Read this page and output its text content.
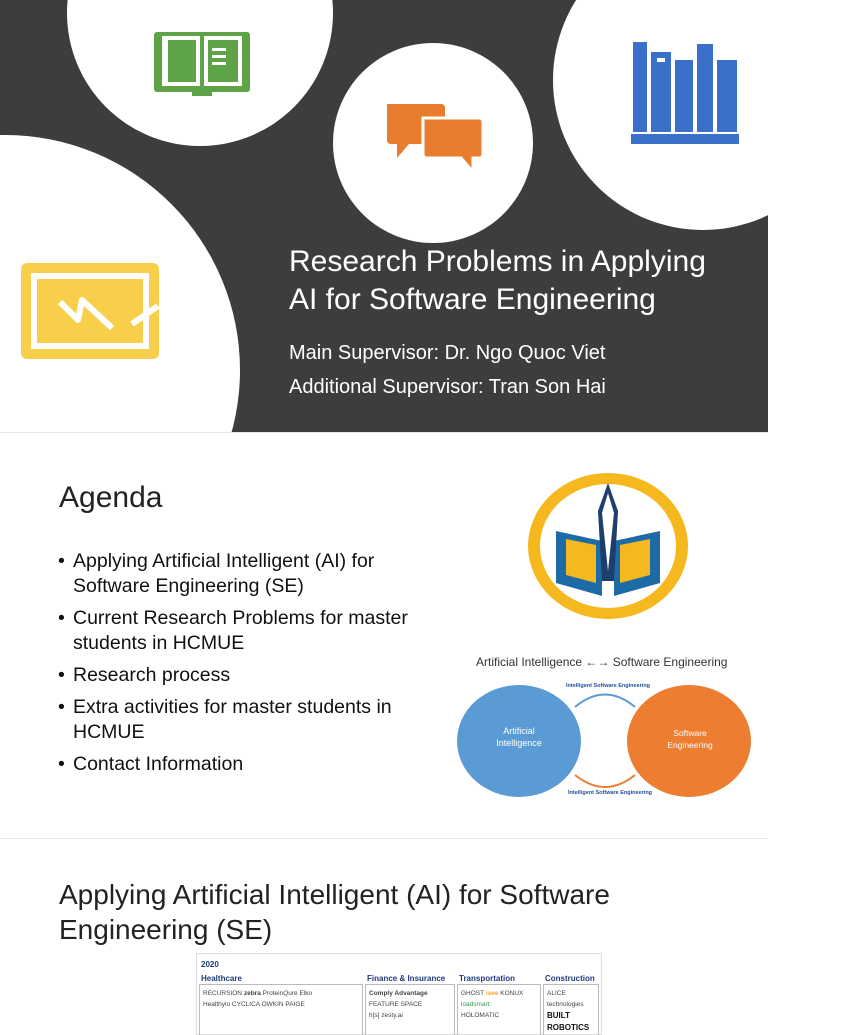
Research Problems in Applying
AI for Software Engineering
Main Supervisor: Dr. Ngo Quoc Viet
Additional Supervisor: Tran Son Hai
Agenda
• Applying Artificial Intelligent (AI) for Software Engineering (SE)
• Current Research Problems for master students in HCMUE
• Research process
• Extra activities for master students in HCMUE
• Contact Information
Artificial Intelligence ←→ Software Engineering
Intelligent Software Engineering
Intelligent Software Engineering
Artificial Intelligence
Software Engineering
Applying Artificial Intelligent (AI) for Software Engineering (SE)
2020
Healthcare	Finance & Insurance Transportation	Construction
RECURSION zebra ProteinQure Elko
Healthyio CYCLICA OWKIN PAIGE
Comply Advantage FEATURE SPACE
h[s] zesty.ai
GHOST isee KONUX
loadsmart
HOLOMATIC
ALICE technologies
BUILT ROBOTICS
